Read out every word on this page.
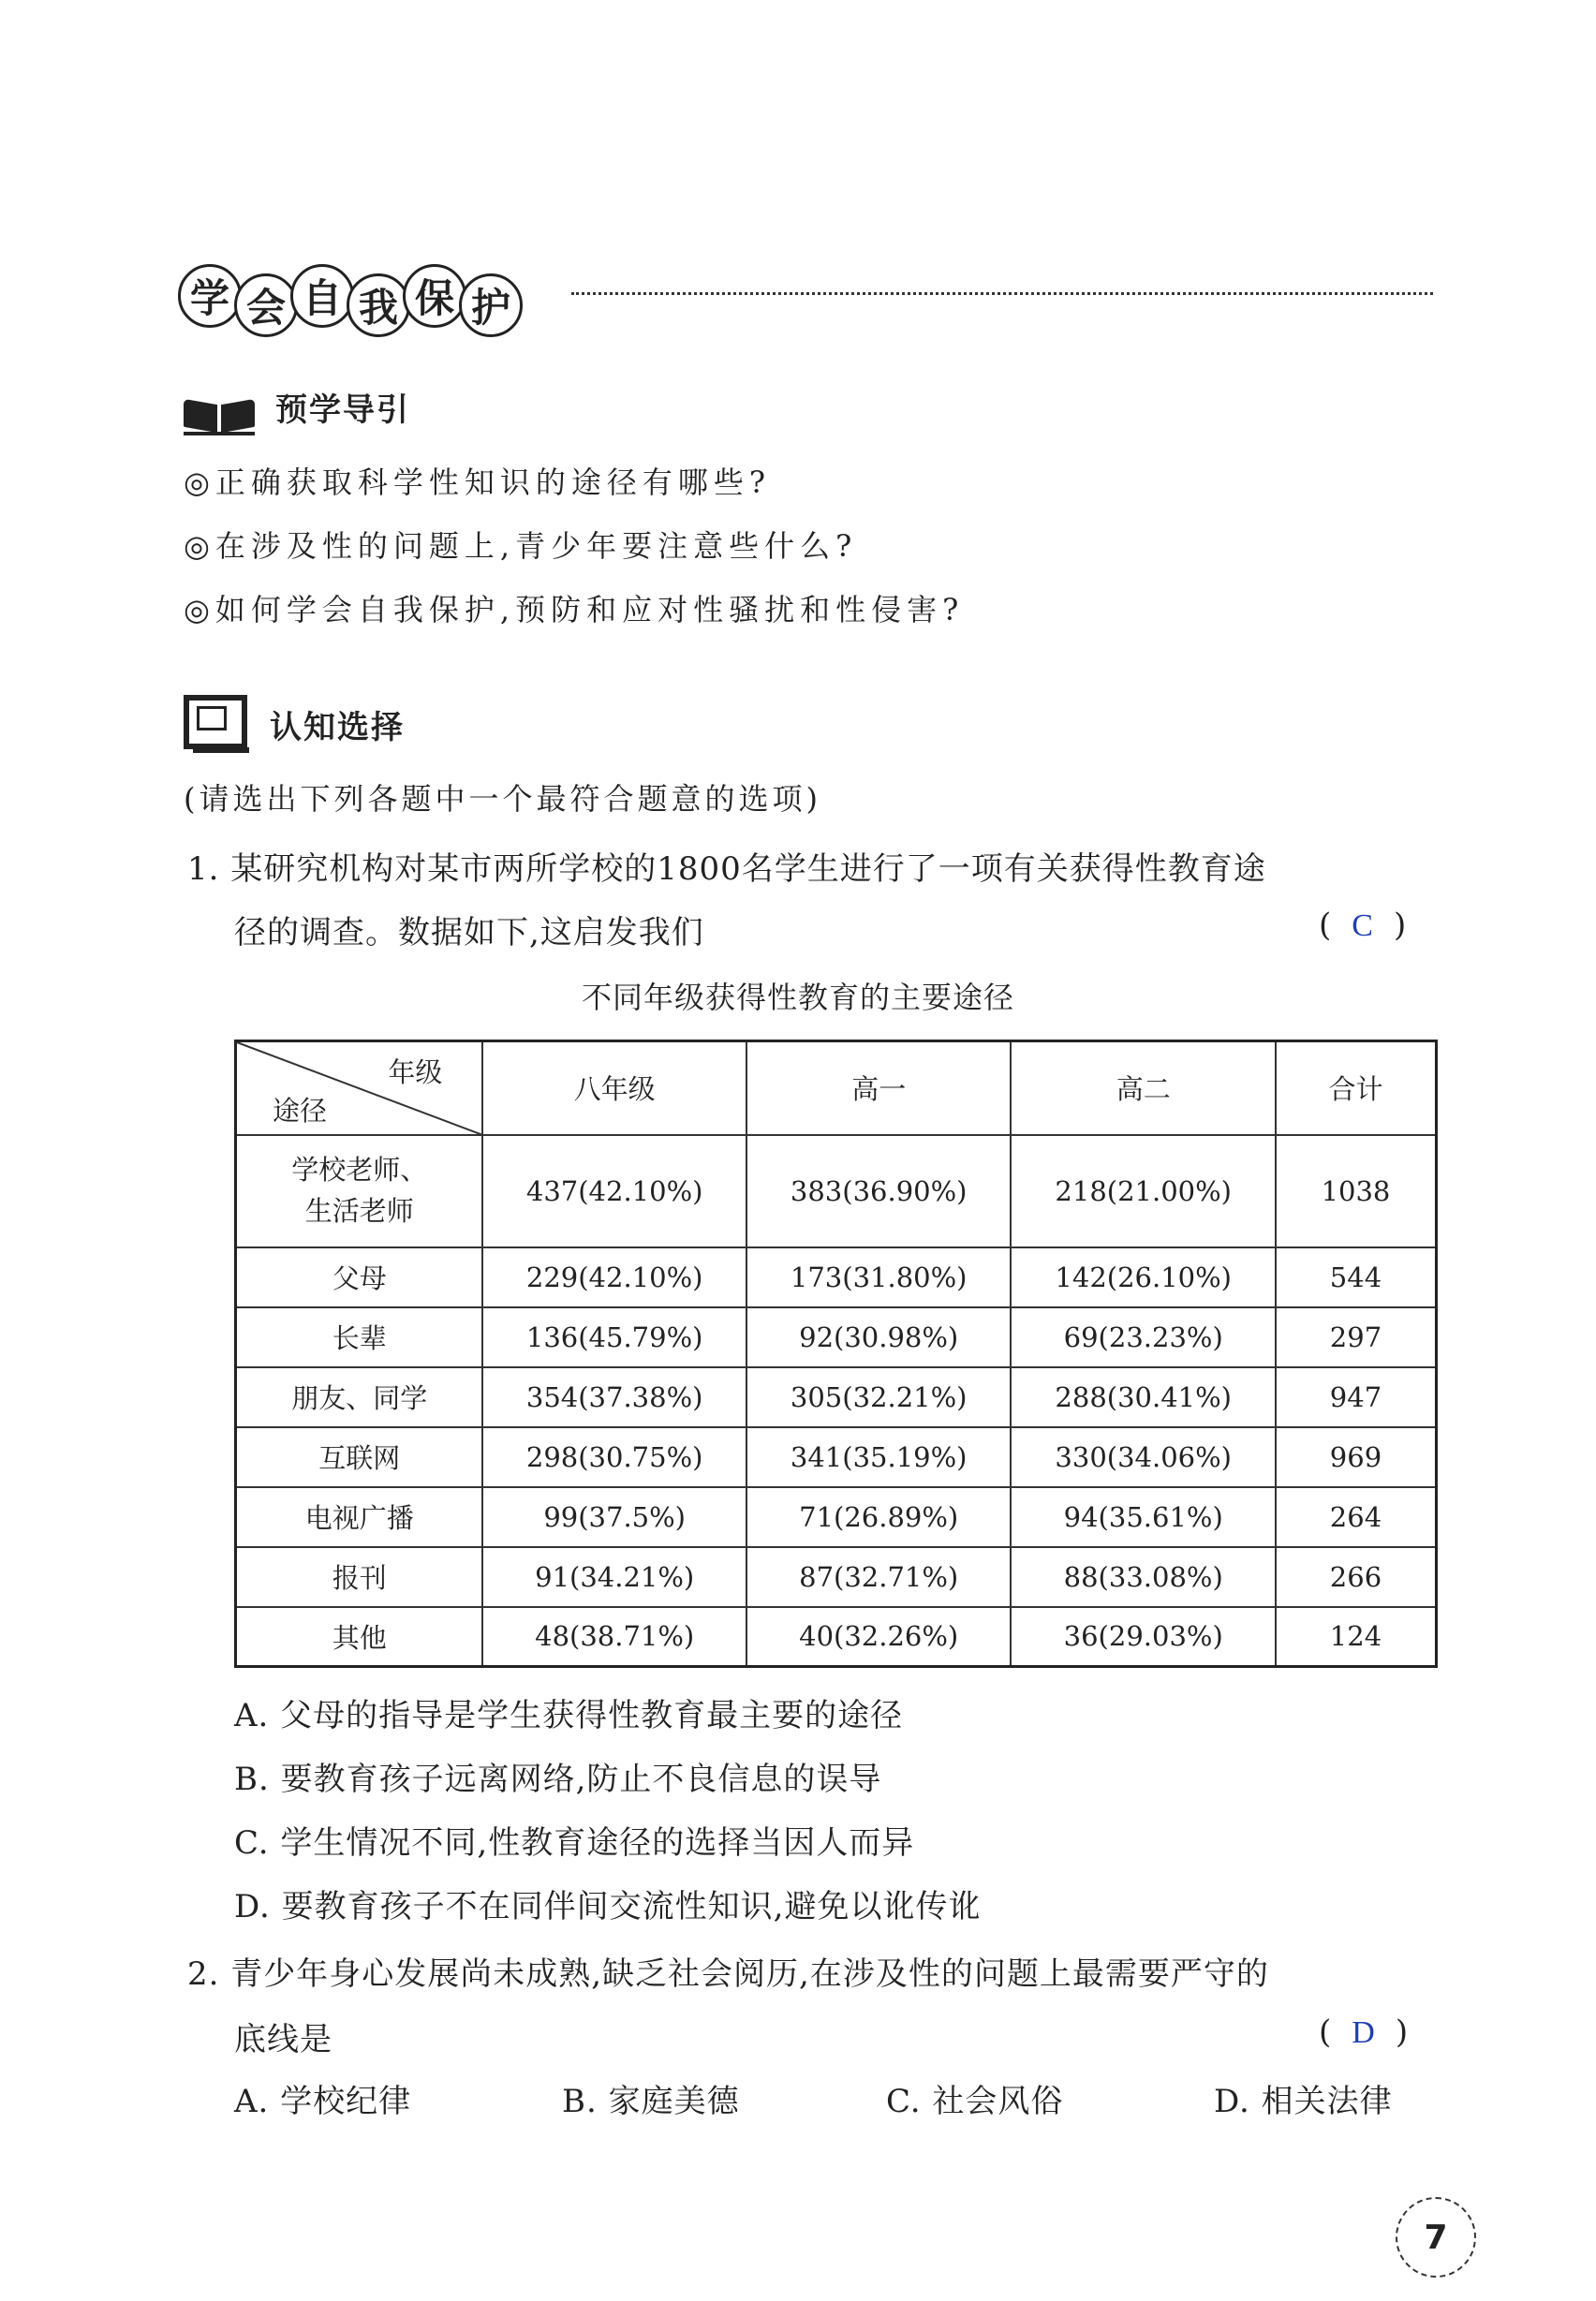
学 会 自 我 保 护
预学导引
◎正确获取科学性知识的途径有哪些?
◎在涉及性的问题上,青少年要注意些什么?
◎如何学会自我保护,预防和应对性骚扰和性侵害?
认知选择
(请选出下列各题中一个最符合题意的选项)
1. 某研究机构对某市两所学校的1800名学生进行了一项有关获得性教育途
径的调查。数据如下,这启发我们	( C )
不同年级获得性教育的主要途径
年级
途径	八年级	高一	高二	合计
学校老师、
生活老师	437(42.10%)	383(36.90%)	218(21.00%)	1038
父母	229(42.10%)	173(31.80%)	142(26.10%)	544
长辈	136(45.79%)	92(30.98%)	69(23.23%)	297
朋友、同学	354(37.38%)	305(32.21%)	288(30.41%)	947
互联网	298(30.75%)	341(35.19%)	330(34.06%)	969
电视广播	99(37.5%)	71(26.89%)	94(35.61%)	264
报刊	91(34.21%)	87(32.71%)	88(33.08%)	266
其他	48(38.71%)	40(32.26%)	36(29.03%)	124
A. 父母的指导是学生获得性教育最主要的途径
B. 要教育孩子远离网络,防止不良信息的误导
C. 学生情况不同,性教育途径的选择当因人而异
D. 要教育孩子不在同伴间交流性知识,避免以讹传讹
2. 青少年身心发展尚未成熟,缺乏社会阅历,在涉及性的问题上最需要严守的
底线是	( D )
A. 学校纪律	B. 家庭美德	C. 社会风俗	D. 相关法律
7
